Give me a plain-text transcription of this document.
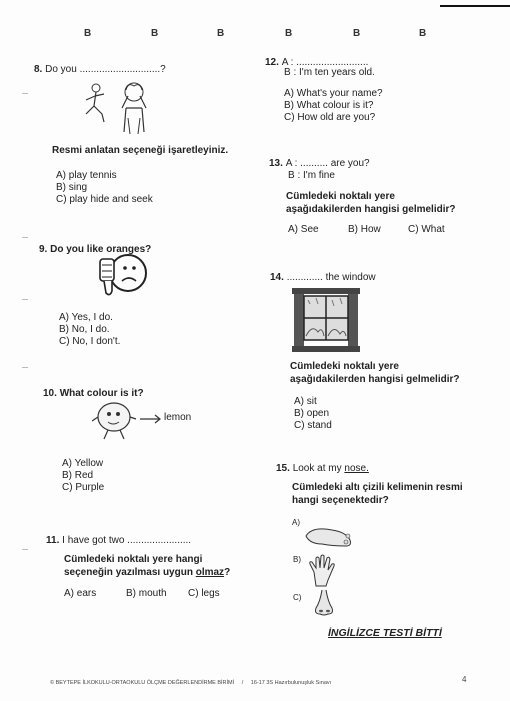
B	B	B	B	B	B
8. Do you .............................?
Resmi anlatan seçeneği işaretleyiniz.
A) play tennis
B) sing
C) play hide and seek
9. Do you like oranges?
A) Yes, I do.
B) No, I do.
C) No, I don't.
10. What colour is it?
lemon
A) Yellow
B) Red
C) Purple
11. I have got two .......................
Cümledeki noktalı yere hangi
seçeneğin yazılması uygun olmaz?
A) ears	B) mouth C) legs
12. A : ..........................
B : I'm ten years old.
A) What's your name?
B) What colour is it?
C) How old are you?
13. A : .......... are you?
B : I'm fine
Cümledeki noktalı yere
aşağıdakilerden hangisi gelmelidir?
A) See	B) How	C) What
14. ............. the window
Cümledeki noktalı yere
aşağıdakilerden hangisi gelmelidir?
A) sit
B) open
C) stand
15. Look at my nose.
Cümledeki altı çizili kelimenin resmi
hangi seçenektedir?
A)
B)
C)
İNGİLİZCE TESTİ BİTTİ
4
© BEYTEPE İLKOKULU-ORTAOKULU ÖLÇME DEĞERLENDİRME BİRİMİ / 16-17 3S Hazırbulunuşluk Sınavı
